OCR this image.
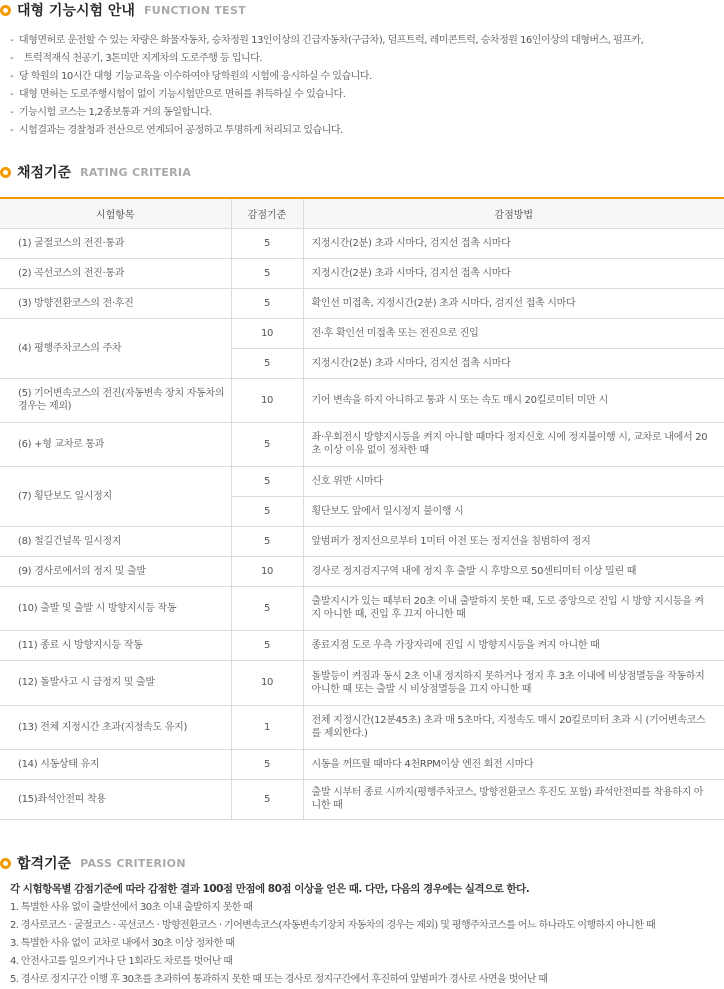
대형 기능시험 안내 FUNCTION TEST
- 대형면허로 운전할 수 있는 차량은 화물자동차, 승차정원 13인이상의 긴급자동차(구급차), 덤프트럭, 레미콘트럭, 승차정원 16인이상의 대형버스, 펌프카,
- 트럭적재식 천공기, 3톤미만 지게차의 도로주행 등 입니다.
- 당 학원의 10시간 대형 기능교육을 이수하여야 당학원의 시험에 응시하실 수 있습니다.
- 대형 면허는 도로주행시험이 없이 기능시험만으로 면허를 취득하실 수 있습니다.
- 기능시험 코스는 1,2종보통과 거의 동일합니다.
- 시험결과는 경찰청과 전산으로 연계되어 공정하고 투명하게 처리되고 있습니다.
채점기준 RATING CRITERIA
시험항목	감점기준	감점방법
(1) 굴절코스의 전진·통과	5	지정시간(2분) 초과 시마다, 검지선 접촉 시마다
(2) 곡선코스의 전진·통과	5	지정시간(2분) 초과 시마다, 검지선 접촉 시마다
(3) 방향전환코스의 전·후진	5	확인선 미접촉, 지정시간(2분) 초과 시마다, 검지선 접촉 시마다
(4) 평행주차코스의 주차	10	전·후 확인선 미접촉 또는 전진으로 진입
	5	지정시간(2분) 초과 시마다, 검지선 접촉 시마다
(5) 기어변속코스의 전진(자동변속 장치 자동차의 경우는 제외)	10	기어 변속을 하지 아니하고 통과 시 또는 속도 매시 20킬로미터 미만 시
(6) +형 교차로 통과	5	좌·우회전시 방향지시등을 켜지 아니할 때마다 정지신호 시에 정지불이행 시, 교차로 내에서 20초 이상 이유 없이 정차한 때
(7) 횡단보도 일시정지	5	신호 위반 시마다
	5	횡단보도 앞에서 일시정지 불이행 시
(8) 철길건널목 일시정지	5	앞범퍼가 정지선으로부터 1미터 이전 또는 정지선을 침범하여 정지
(9) 경사로에서의 정지 및 출발	10	경사로 정지검지구역 내에 정지 후 출발 시 후방으로 50센티미터 이상 밀린 때
(10) 출발 및 출발 시 방향지시등 작동	5	출발지시가 있는 때부터 20초 이내 출발하지 못한 때, 도로 중앙으로 진입 시 방향 지시등을 켜지 아니한 때, 진입 후 끄지 아니한 때
(11) 종료 시 방향지시등 작동	5	종료지점 도로 우측 가장자리에 진입 시 방향지시등을 켜지 아니한 때
(12) 돌발사고 시 급정지 및 출발	10	돌발등이 켜짐과 동시 2초 이내 정지하지 못하거나 정지 후 3초 이내에 비상점멸등을 작동하지 아니한 때 또는 출발 시 비상점멸등을 끄지 아니한 때
(13) 전체 지정시간 초과(지정속도 유지)	1	전체 지정시간(12분45초) 초과 매 5초마다, 지정속도 매시 20킬로미터 초과 시 (기어변속코스를 제외한다.)
(14) 시동상태 유지	5	시동을 꺼뜨릴 때마다 4천RPM이상 엔진 회전 시마다
(15)좌석안전띠 착용	5	출발 시부터 종료 시까지(평행주차코스, 방향전환코스 후진도 포함) 좌석안전띠를 착용하지 아니한 때
합격기준 PASS CRITERION

각 시험항목별 감점기준에 따라 감점한 결과 100점 만점에 80점 이상을 얻은 때. 다만, 다음의 경우에는 실격으로 한다.

1. 특별한 사유 없이 출발선에서 30초 이내 출발하지 못한 때
2. 경사로코스 · 굴절코스 · 곡선코스 · 방향전환코스 · 기어변속코스(자동변속기장치 자동차의 경우는 제외) 및 평행주차코스를 어느 하나라도 이행하지 아니한 때
3. 특별한 사유 없이 교차로 내에서 30초 이상 정차한 때
4. 안전사고를 일으키거나 단 1회라도 차로를 벗어난 때
5. 경사로 정지구간 이행 후 30초를 초과하여 통과하지 못한 때 또는 경사로 정지구간에서 후진하여 앞범퍼가 경사로 사면을 벗어난 때
